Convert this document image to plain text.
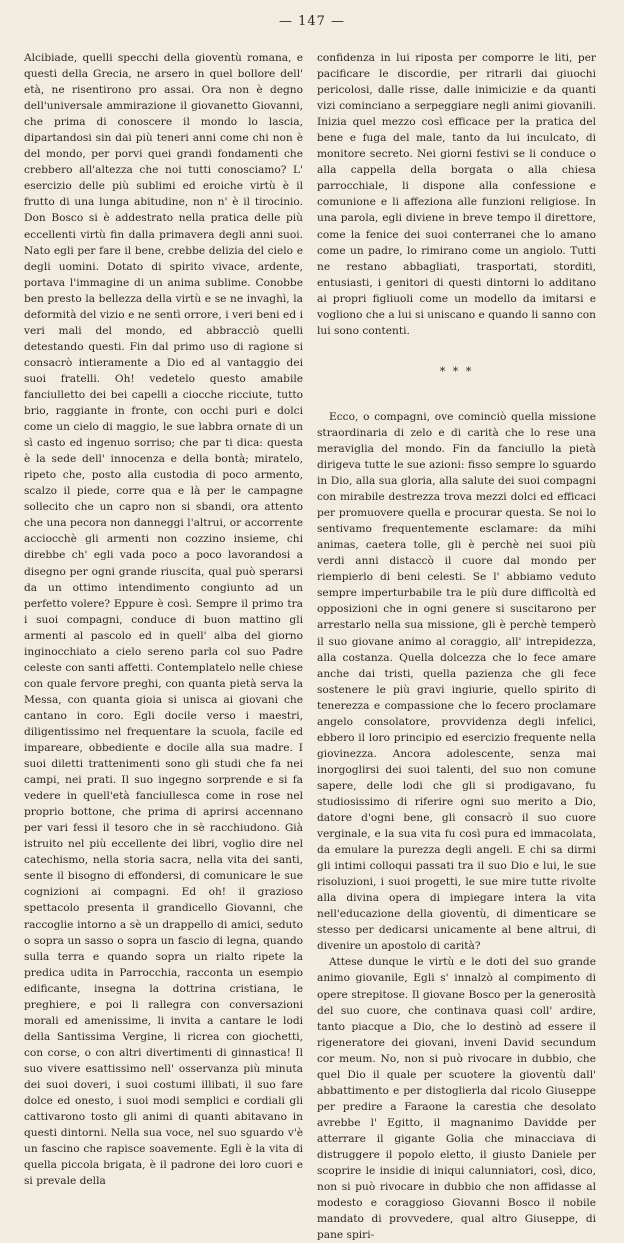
— 147 —

Alcibiade, quelli specchi della gioventù romana, e questi della Grecia, ne arsero in quel bollore dell' età, ne risentirono pro assai. Ora non è degno dell'universale ammirazione il giovanetto Giovanni, che prima di conoscere il mondo lo lascia, dipartandosi sin dai più teneri anni come chi non è del mondo, per porvi quei grandi fondamenti che crebbero all'altezza che noi tutti conosciamo? L' esercizio delle più sublimi ed eroiche virtù è il frutto di una lunga abitudine, non n' è il tirocinio. Don Bosco si è addestrato nella pratica delle più eccellenti virtù fin dalla primavera degli anni suoi. Nato egli per fare il bene, crebbe delizia del cielo e degli uomini. Dotato di spirito vivace, ardente, portava l'immagine di un anima sublime. Conobbe ben presto la bellezza della virtù e se ne invaghì, la deformità del vizio e ne sentì orrore, i veri beni ed i veri mali del mondo, ed abbracciò quelli detestando questi. Fin dal primo uso di ragione si consacrò intieramente a Dio ed al vantaggio dei suoi fratelli. Oh! vedetelo questo amabile fanciulletto dei bei capelli a ciocche ricciute, tutto brio, raggiante in fronte, con occhi puri e dolci come un cielo di maggio, le sue labbra ornate di un sì casto ed ingenuo sorriso; che par ti dica: questa è la sede dell' innocenza e della bontà; miratelo, ripeto che, posto alla custodia di poco armento, scalzo il piede, corre qua e là per le campagne sollecito che un capro non si sbandi, ora attento che una pecora non danneggi l'altrui, or accorrente acciocchè gli armenti non cozzino insieme, chi direbbe ch' egli vada poco a poco lavorandosi a disegno per ogni grande riuscita, qual può sperarsi da un ottimo intendimento congiunto ad un perfetto volere? Eppure è così. Sempre il primo tra i suoi compagni, conduce di buon mattino gli armenti al pascolo ed in quell' alba del giorno inginocchiato a cielo sereno parla col suo Padre celeste con santi affetti. Contemplatelo nelle chiese con quale fervore preghi, con quanta pietà serva la Messa, con quanta gioia si unisca ai giovani che cantano in coro. Egli docile verso i maestri, diligentissimo nel frequentare la scuola, facile ed impareare, obbediente e docile alla sua madre. I suoi diletti trattenimenti sono gli studi che fa nei campi, nei prati. Il suo ingegno sorprende e si fa vedere in quell'età fanciullesca come in rose nel proprio bottone, che prima di aprirsi accennano per vari fessi il tesoro che in sè racchiudono. Già istruito nel più eccellente dei libri, voglio dire nel catechismo, nella storia sacra, nella vita dei santi, sente il bisogno di effondersi, di comunicare le sue cognizioni ai compagni. Ed oh! il grazioso spettacolo presenta il grandicello Giovanni, che raccoglie intorno a sè un drappello di amici, seduto o sopra un sasso o sopra un fascio di legna, quando sulla terra e quando sopra un rialto ripete la predica udita in Parrocchia, racconta un esempio edificante, insegna la dottrina cristiana, le preghiere, e poi li rallegra con conversazioni morali ed amenissime, li invita a cantare le lodi della Santissima Vergine, li ricrea con giochetti, con corse, o con altri divertimenti di ginnastica! Il suo vivere esattissimo nell' osservanza più minuta dei suoi doveri, i suoi costumi illibati, il suo fare dolce ed onesto, i suoi modi semplici e cordiali gli cattivarono tosto gli animi di quanti abitavano in questi dintorni. Nella sua voce, nel suo sguardo v'è un fascino che rapisce soavemente. Egli è la vita di quella piccola brigata, è il padrone dei loro cuori e si prevale della

confidenza in lui riposta per comporre le liti, per pacificare le discordie, per ritrarli dai giuochi pericolosi, dalle risse, dalle inimicizie e da quanti vizi cominciano a serpeggiare negli animi giovanili. Inizia quel mezzo così efficace per la pratica del bene e fuga del male, tanto da lui inculcato, di monitore secreto. Nei giorni festivi se li conduce o alla cappella della borgata o alla chiesa parrocchiale, li dispone alla confessione e comunione e li affeziona alle funzioni religiose. In una parola, egli diviene in breve tempo il direttore, come la fenice dei suoi conterranei che lo amano come un padre, lo rimirano come un angiolo. Tutti ne restano abbagliati, trasportati, storditi, entusiasti, i genitori di questi dintorni lo additano ai propri figliuoli come un modello da imitarsi e vogliono che a lui si uniscano e quando li sanno con lui sono contenti.

* * *

Ecco, o compagni, ove cominciò quella missione straordinaria di zelo e di carità che lo rese una meraviglia del mondo. Fin da fanciullo la pietà dirigeva tutte le sue azioni: fisso sempre lo sguardo in Dio, alla sua gloria, alla salute dei suoi compagni con mirabile destrezza trova mezzi dolci ed efficaci per promuovere quella e procurar questa. Se noi lo sentivamo frequentemente esclamare: da mihi animas, caetera tolle, gli è perchè nei suoi più verdi anni distaccò il cuore dal mondo per riempierlo di beni celesti. Se l' abbiamo veduto sempre imperturbabile tra le più dure difficoltà ed opposizioni che in ogni genere si suscitarono per arrestarlo nella sua missione, gli è perchè temperò il suo giovane animo al coraggio, all' intrepidezza, alla costanza. Quella dolcezza che lo fece amare anche dai tristi, quella pazienza che gli fece sostenere le più gravi ingiurie, quello spirito di tenerezza e compassione che lo fecero proclamare angelo consolatore, provvidenza degli infelici, ebbero il loro principio ed esercizio frequente nella giovinezza. Ancora adolescente, senza mai inorgoglirsi dei suoi talenti, del suo non comune sapere, delle lodi che gli si prodigavano, fu studiosissimo di riferire ogni suo merito a Dio, datore d'ogni bene, gli consacrò il suo cuore verginale, e la sua vita fu così pura ed immacolata, da emulare la purezza degli angeli. E chi sa dirmi gli intimi colloqui passati tra il suo Dio e lui, le sue risoluzioni, i suoi progetti, le sue mire tutte rivolte alla divina opera di impiegare intera la vita nell'educazione della gioventù, di dimenticare se stesso per dedicarsi unicamente al bene altrui, di divenire un apostolo di carità?

Attese dunque le virtù e le doti del suo grande animo giovanile, Egli s' innalzò al compimento di opere strepitose. Il giovane Bosco per la generosità del suo cuore, che continava quasi coll' ardire, tanto piacque a Dio, che lo destinò ad essere il rigeneratore dei giovani, inveni David secundum cor meum. No, non si può rivocare in dubbio, che quel Dio il quale per scuotere la gioventù dall' abbattimento e per distoglierla dal ricolo Giuseppe per predire a Faraone la carestia che desolato avrebbe l' Egitto, il magnanimo Davidde per atterrare il gigante Golia che minacciava di distruggere il popolo eletto, il giusto Daniele per scoprire le insidie di iniqui calunniatori, così, dico, non si può rivocare in dubbio che non affidasse al modesto e coraggioso Giovanni Bosco il nobile mandato di provvedere, qual altro Giuseppe, di pane spiri-
